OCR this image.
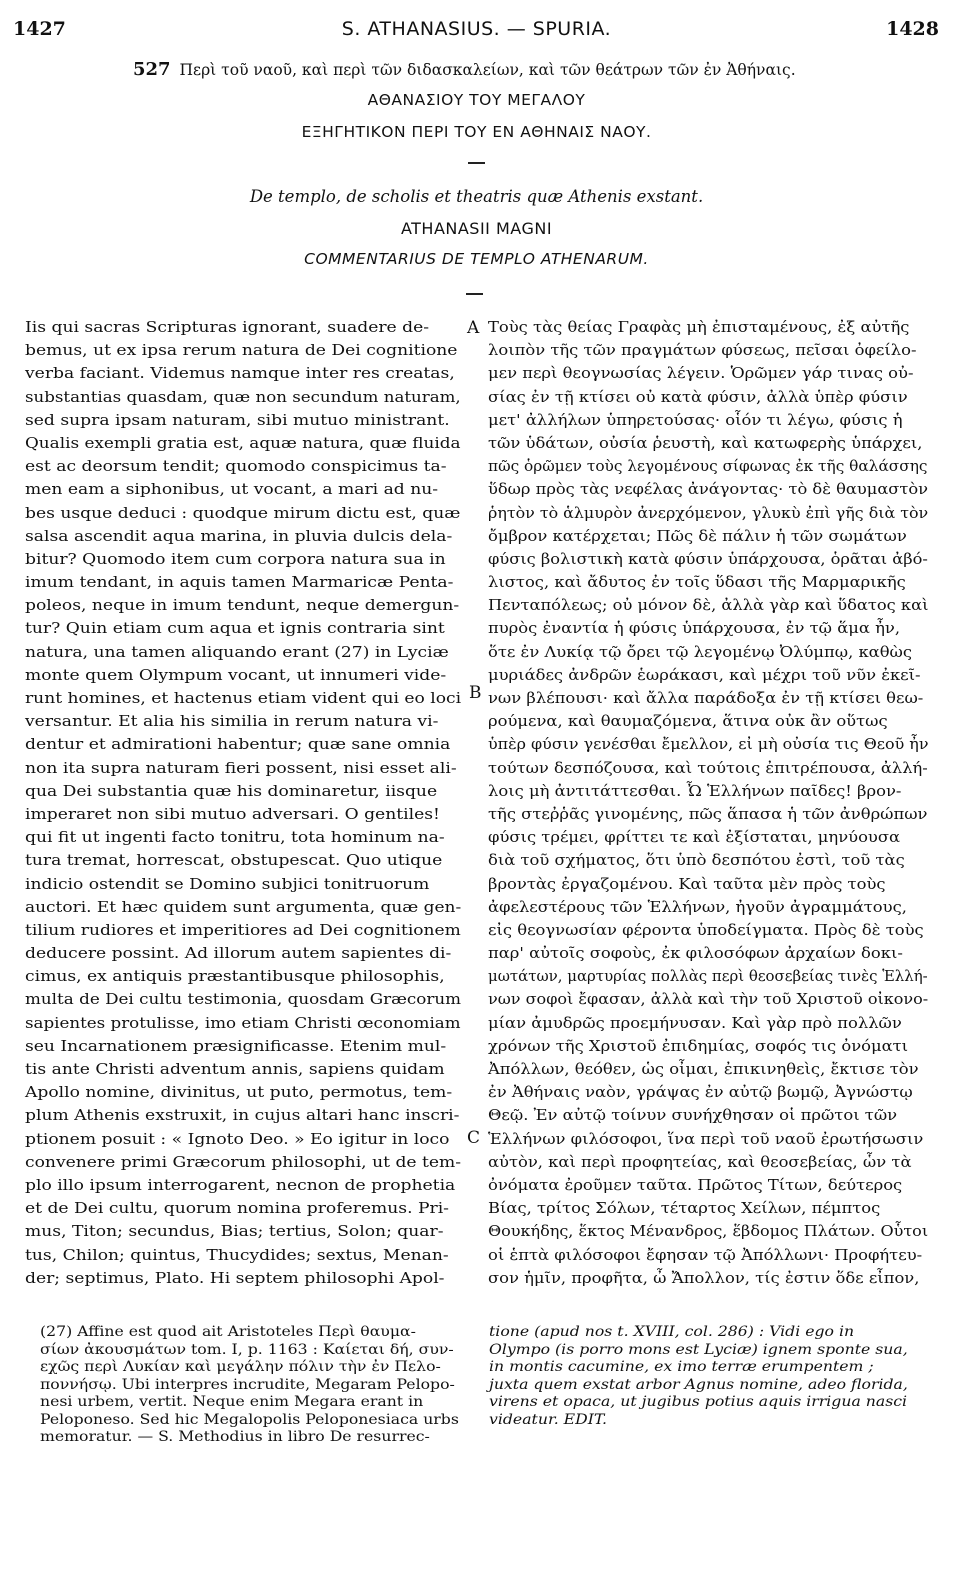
1427	S. ATHANASIUS. — SPURIA.	1428
527 Περὶ τοῦ ναοῦ, καὶ περὶ τῶν διδασκαλείων, καὶ τῶν θεάτρων τῶν ἐν Ἀθήναις.
ΑΘΑΝΑΣΙΟΥ ΤΟΥ ΜΕΓΑΛΟΥ
ΕΞΗΓΗΤΙΚΟΝ ΠΕΡΙ ΤΟΥ ΕΝ ΑΘΗΝΑΙΣ ΝΑΟΥ.
De templo, de scholis et theatris quæ Athenis exstant.
ATHANASII MAGNI
COMMENTARIUS DE TEMPLO ATHENARUM.
A
B
C
Iis qui sacras Scripturas ignorant, suadere de-
bemus, ut ex ipsa rerum natura de Dei cognitione
verba faciant. Videmus namque inter res creatas,
substantias quasdam, quæ non secundum naturam,
sed supra ipsam naturam, sibi mutuo ministrant.
Qualis exempli gratia est, aquæ natura, quæ fluida
est ac deorsum tendit; quomodo conspicimus ta-
men eam a siphonibus, ut vocant, a mari ad nu-
bes usque deduci : quodque mirum dictu est, quæ
salsa ascendit aqua marina, in pluvia dulcis dela-
bitur? Quomodo item cum corpora natura sua in
imum tendant, in aquis tamen Marmaricæ Penta-
poleos, neque in imum tendunt, neque demergun-
tur? Quin etiam cum aqua et ignis contraria sint
natura, una tamen aliquando erant (27) in Lyciæ
monte quem Olympum vocant, ut innumeri vide-
runt homines, et hactenus etiam vident qui eo loci
versantur. Et alia his similia in rerum natura vi-
dentur et admirationi habentur; quæ sane omnia
non ita supra naturam fieri possent, nisi esset ali-
qua Dei substantia quæ his dominaretur, iisque
imperaret non sibi mutuo adversari. O gentiles!
qui fit ut ingenti facto tonitru, tota hominum na-
tura tremat, horrescat, obstupescat. Quo utique
indicio ostendit se Domino subjici tonitruorum
auctori. Et hæc quidem sunt argumenta, quæ gen-
tilium rudiores et imperitiores ad Dei cognitionem
deducere possint. Ad illorum autem sapientes di-
cimus, ex antiquis præstantibusque philosophis,
multa de Dei cultu testimonia, quosdam Græcorum
sapientes protulisse, imo etiam Christi œconomiam
seu Incarnationem præsignificasse. Etenim mul-
tis ante Christi adventum annis, sapiens quidam
Apollo nomine, divinitus, ut puto, permotus, tem-
plum Athenis exstruxit, in cujus altari hanc inscri-
ptionem posuit : « Ignoto Deo. » Eo igitur in loco
convenere primi Græcorum philosophi, ut de tem-
plo illo ipsum interrogarent, necnon de prophetia
et de Dei cultu, quorum nomina proferemus. Pri-
mus, Titon; secundus, Bias; tertius, Solon; quar-
tus, Chilon; quintus, Thucydides; sextus, Menan-
der; septimus, Plato. Hi septem philosophi Apol-
Τοὺς τὰς θείας Γραφὰς μὴ ἐπισταμένους, ἐξ αὐτῆς
λοιπὸν τῆς τῶν πραγμάτων φύσεως, πεῖσαι ὀφείλο-
μεν περὶ θεογνωσίας λέγειν. Ὁρῶμεν γάρ τινας οὐ-
σίας ἐν τῇ κτίσει οὐ κατὰ φύσιν, ἀλλὰ ὑπὲρ φύσιν
μετ' ἀλλήλων ὑπηρετούσας· οἷόν τι λέγω, φύσις ἡ
τῶν ὑδάτων, οὐσία ῥευστὴ, καὶ κατωφερὴς ὑπάρχει,
πῶς ὁρῶμεν τοὺς λεγομένους σίφωνας ἐκ τῆς θαλάσσης
ὕδωρ πρὸς τὰς νεφέλας ἀνάγοντας· τὸ δὲ θαυμαστὸν
ῥητὸν τὸ ἁλμυρὸν ἀνερχόμενον, γλυκὺ ἐπὶ γῆς διὰ τὸν
ὄμβρον κατέρχεται; Πῶς δὲ πάλιν ἡ τῶν σωμάτων
φύσις βολιστικὴ κατὰ φύσιν ὑπάρχουσα, ὁρᾶται ἀβό-
λιστος, καὶ ἄδυτος ἐν τοῖς ὕδασι τῆς Μαρμαρικῆς
Πενταπόλεως; οὐ μόνον δὲ, ἀλλὰ γὰρ καὶ ὕδατος καὶ
πυρὸς ἐναντία ἡ φύσις ὑπάρχουσα, ἐν τῷ ἅμα ἦν,
ὅτε ἐν Λυκίᾳ τῷ ὄρει τῷ λεγομένῳ Ὀλύμπῳ, καθὼς
μυριάδες ἀνδρῶν ἑωράκασι, καὶ μέχρι τοῦ νῦν ἐκεῖ-
νων βλέπουσι· καὶ ἄλλα παράδοξα ἐν τῇ κτίσει θεω-
ρούμενα, καὶ θαυμαζόμενα, ἅτινα οὐκ ἂν οὕτως
ὑπὲρ φύσιν γενέσθαι ἔμελλον, εἰ μὴ οὐσία τις Θεοῦ ἦν
τούτων δεσπόζουσα, καὶ τούτοις ἐπιτρέπουσα, ἀλλή-
λοις μὴ ἀντιτάττεσθαι. Ὦ Ἑλλήνων παῖδες! βρον-
τῆς στεῤῥᾶς γινομένης, πῶς ἅπασα ἡ τῶν ἀνθρώπων
φύσις τρέμει, φρίττει τε καὶ ἐξίσταται, μηνύουσα
διὰ τοῦ σχήματος, ὅτι ὑπὸ δεσπότου ἐστὶ, τοῦ τὰς
βροντὰς ἐργαζομένου. Καὶ ταῦτα μὲν πρὸς τοὺς
ἀφελεστέρους τῶν Ἑλλήνων, ἠγοῦν ἀγραμμάτους,
εἰς θεογνωσίαν φέροντα ὑποδείγματα. Πρὸς δὲ τοὺς
παρ' αὐτοῖς σοφοὺς, ἐκ φιλοσόφων ἀρχαίων δοκι-
μωτάτων, μαρτυρίας πολλὰς περὶ θεοσεβείας τινὲς Ἑλλή-
νων σοφοὶ ἔφασαν, ἀλλὰ καὶ τὴν τοῦ Χριστοῦ οἰκονο-
μίαν ἀμυδρῶς προεμήνυσαν. Καὶ γὰρ πρὸ πολλῶν
χρόνων τῆς Χριστοῦ ἐπιδημίας, σοφός τις ὀνόματι
Ἀπόλλων, θεόθεν, ὡς οἶμαι, ἐπικινηθεὶς, ἔκτισε τὸν
ἐν Ἀθήναις ναὸν, γράψας ἐν αὐτῷ βωμῷ, Ἀγνώστῳ
Θεῷ. Ἐν αὐτῷ τοίνυν συνήχθησαν οἱ πρῶτοι τῶν
Ἑλλήνων φιλόσοφοι, ἵνα περὶ τοῦ ναοῦ ἐρωτήσωσιν
αὐτὸν, καὶ περὶ προφητείας, καὶ θεοσεβείας, ὧν τὰ
ὀνόματα ἐροῦμεν ταῦτα. Πρῶτος Τίτων, δεύτερος
Βίας, τρίτος Σόλων, τέταρτος Χείλων, πέμπτος
Θουκήδης, ἕκτος Μένανδρος, ἕβδομος Πλάτων. Οὗτοι
οἱ ἑπτὰ φιλόσοφοι ἔφησαν τῷ Ἀπόλλωνι· Προφήτευ-
σον ἡμῖν, προφῆτα, ὦ Ἄπολλον, τίς ἐστιν ὅδε εἶπον,
(27) Affine est quod ait Aristoteles Περὶ θαυμα-
σίων ἀκουσμάτων tom. I, p. 1163 : Καίεται δή, συν-
εχῶς περὶ Λυκίαν καὶ μεγάλην πόλιν τὴν ἐν Πελο-
ποννήσῳ. Ubi interpres incrudite, Megaram Pelopo-
nesi urbem, vertit. Neque enim Megara erant in
Peloponeso. Sed hic Megalopolis Peloponesiaca urbs
memoratur. — S. Methodius in libro De resurrec-
tione (apud nos t. XVIII, col. 286) : Vidi ego in
Olympo (is porro mons est Lyciæ) ignem sponte sua,
in montis cacumine, ex imo terræ erumpentem ;
juxta quem exstat arbor Agnus nomine, adeo florida,
virens et opaca, ut jugibus potius aquis irrigua nasci
videatur. EDIT.
